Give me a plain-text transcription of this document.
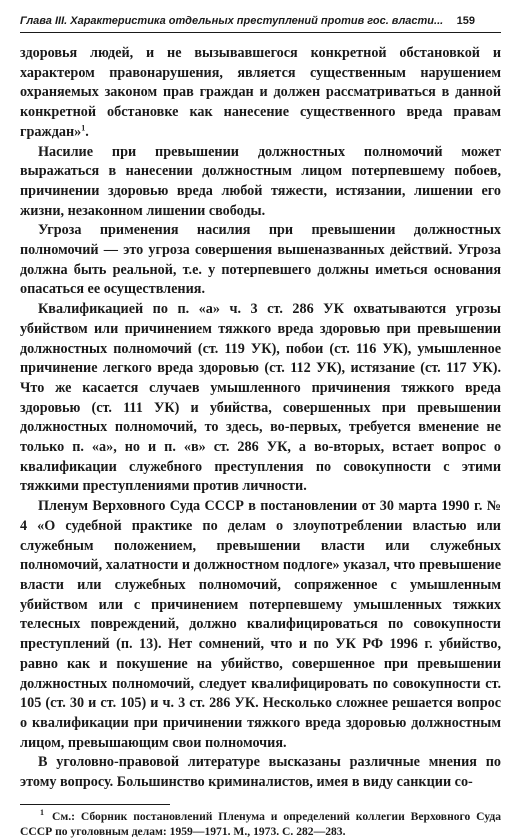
Глава III. Характеристика отдельных преступлений против гос. власти... 159

здоровья людей, и не вызывавшегося конкретной обстановкой и характером правонарушения, является существенным нарушением охраняемых законом прав граждан и должен рассматриваться в данной конкретной обстановке как нанесение существенного вреда правам граждан»$^1$.

Насилие при превышении должностных полномочий может выражаться в нанесении должностным лицом потерпевшему побоев, причинении здоровью вреда любой тяжести, истязании, лишении его жизни, незаконном лишении свободы.

Угроза применения насилия при превышении должностных полномочий — это угроза совершения вышеназванных действий. Угроза должна быть реальной, т.е. у потерпевшего должны иметься основания опасаться ее осуществления.

Квалификацией по п. «а» ч. 3 ст. 286 УК охватываются угрозы убийством или причинением тяжкого вреда здоровью при превышении должностных полномочий (ст. 119 УК), побои (ст. 116 УК), умышленное причинение легкого вреда здоровью (ст. 112 УК), истязание (ст. 117 УК). Что же касается случаев умышленного причинения тяжкого вреда здоровью (ст. 111 УК) и убийства, совершенных при превышении должностных полномочий, то здесь, во-первых, требуется вменение не только п. «а», но и п. «в» ст. 286 УК, а во-вторых, встает вопрос о квалификации служебного преступления по совокупности с этими тяжкими преступлениями против личности.

Пленум Верховного Суда СССР в постановлении от 30 марта 1990 г. № 4 «О судебной практике по делам о злоупотреблении властью или служебным положением, превышении власти или служебных полномочий, халатности и должностном подлоге» указал, что превышение власти или служебных полномочий, сопряженное с умышленным убийством или с причинением потерпевшему умышленных тяжких телесных повреждений, должно квалифицироваться по совокупности преступлений (п. 13). Нет сомнений, что и по УК РФ 1996 г. убийство, равно как и покушение на убийство, совершенное при превышении должностных полномочий, следует квалифицировать по совокупности ст. 105 (ст. 30 и ст. 105) и ч. 3 ст. 286 УК. Несколько сложнее решается вопрос о квалификации при причинении тяжкого вреда здоровью должностным лицом, превышающим свои полномочия.

В уголовно-правовой литературе высказаны различные мнения по этому вопросу. Большинство криминалистов, имея в виду санкции со-

$^1$ См.: Сборник постановлений Пленума и определений коллегии Верховного Суда СССР по уголовным делам: 1959—1971. М., 1973. С. 282—283.
